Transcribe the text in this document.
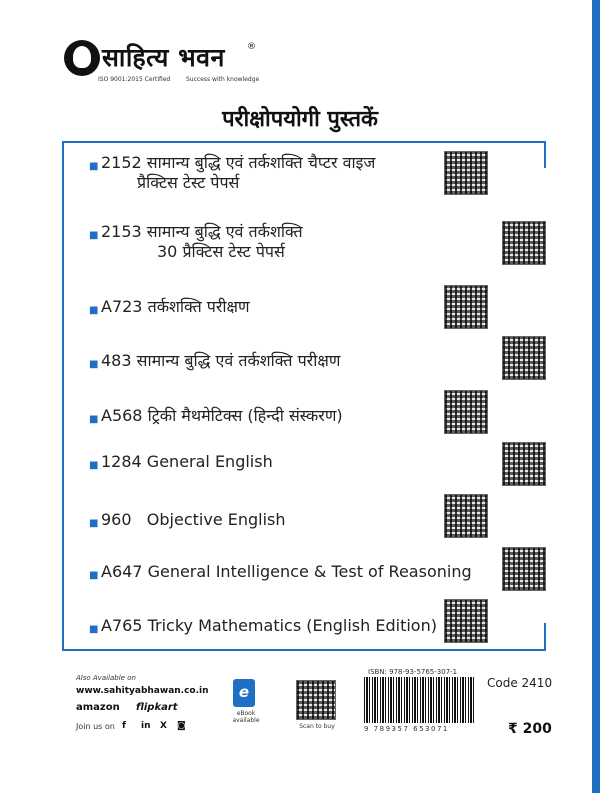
साहित्य भवन ®
ISO 9001:2015 Certified	Success with knowledge
परीक्षोपयोगी पुस्तकें
■ 2152 सामान्य बुद्धि एवं तर्कशक्ति चैप्टर वाइज
प्रैक्टिस टेस्ट पेपर्स
■ 2153 सामान्य बुद्धि एवं तर्कशक्ति
30 प्रैक्टिस टेस्ट पेपर्स
■ A723 तर्कशक्ति परीक्षण
■ 483 सामान्य बुद्धि एवं तर्कशक्ति परीक्षण
■ A568 ट्रिकी मैथमेटिक्स (हिन्दी संस्करण)
■ 1284 General English
■ 960   Objective English
■ A647 General Intelligence & Test of Reasoning
■ A765 Tricky Mathematics (English Edition)
Also Available on
www.sahityabhawan.co.in
amazon flipkart
Join us on f in X ◙
e
eBook available
Scan to buy
ISBN: 978-93-5765-307-1
9 789357 653071
Code 2410
₹ 200
